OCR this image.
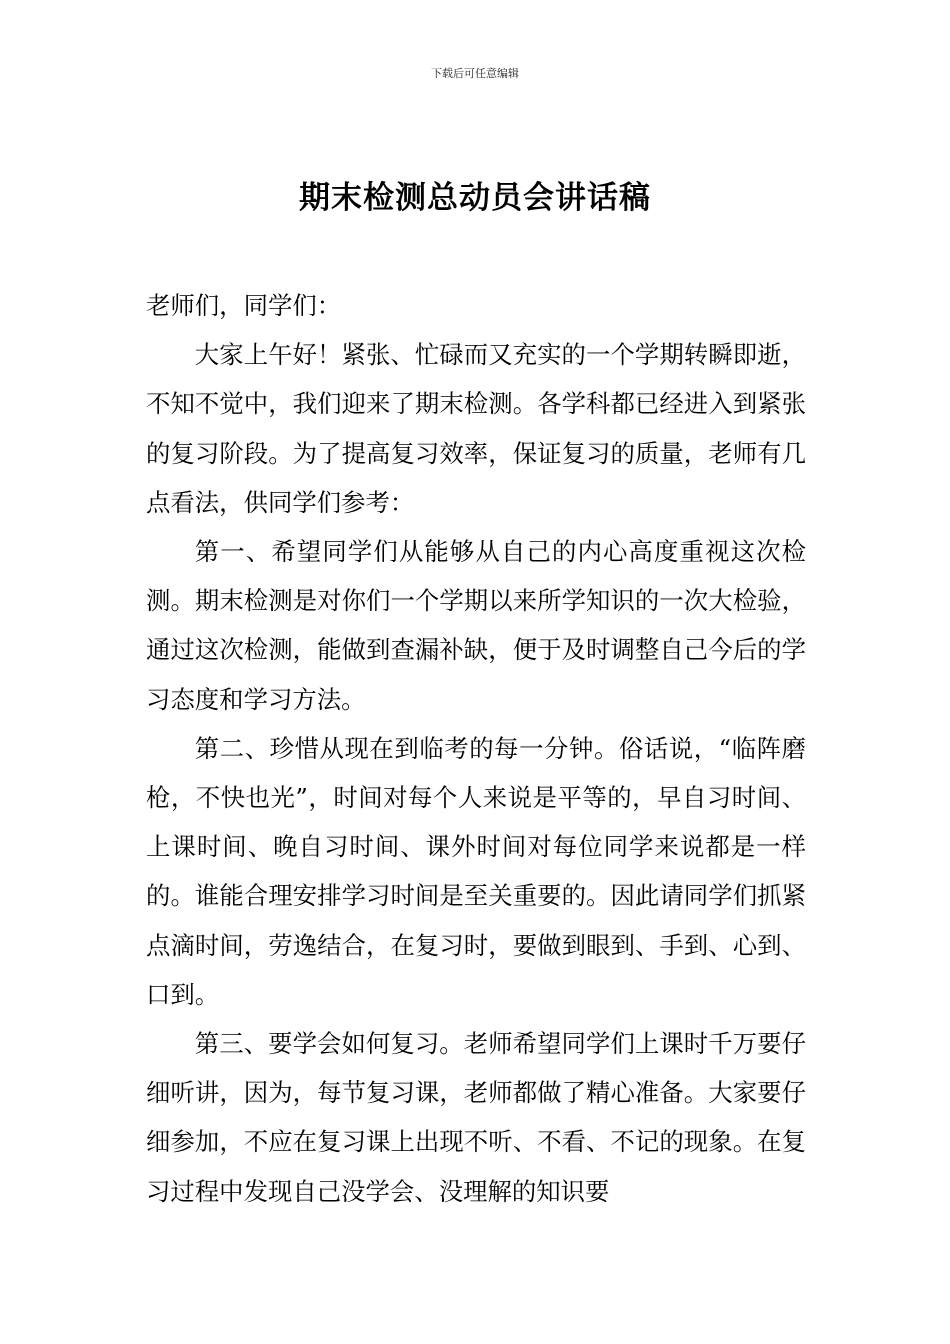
下载后可任意编辑
期末检测总动员会讲话稿

老师们，同学们：

大家上午好！紧张、忙碌而又充实的一个学期转瞬即逝，不知不觉中，我们迎来了期末检测。各学科都已经进入到紧张的复习阶段。为了提高复习效率，保证复习的质量，老师有几点看法，供同学们参考：

第一、希望同学们从能够从自己的内心高度重视这次检测。期末检测是对你们一个学期以来所学知识的一次大检验，通过这次检测，能做到查漏补缺，便于及时调整自己今后的学习态度和学习方法。

第二、珍惜从现在到临考的每一分钟。俗话说，“临阵磨枪，不快也光”，时间对每个人来说是平等的，早自习时间、上课时间、晚自习时间、课外时间对每位同学来说都是一样的。谁能合理安排学习时间是至关重要的。因此请同学们抓紧点滴时间，劳逸结合，在复习时，要做到眼到、手到、心到、口到。

第三、要学会如何复习。老师希望同学们上课时千万要仔细听讲，因为，每节复习课，老师都做了精心准备。大家要仔细参加，不应在复习课上出现不听、不看、不记的现象。在复习过程中发现自己没学会、没理解的知识要
